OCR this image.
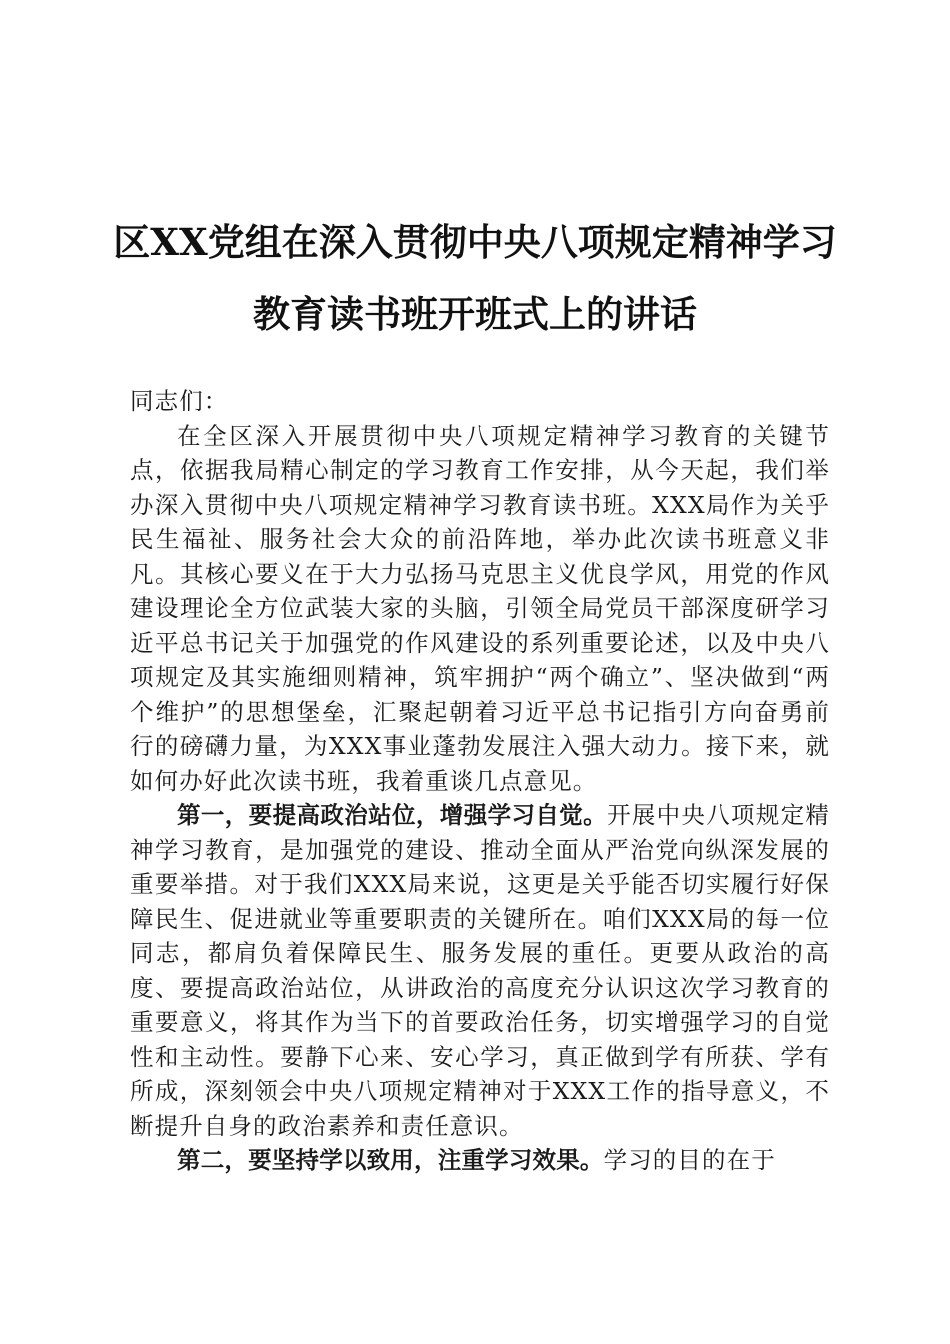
区XX党组在深入贯彻中央八项规定精神学习
教育读书班开班式上的讲话

同志们：

在全区深入开展贯彻中央八项规定精神学习教育的关键节点，依据我局精心制定的学习教育工作安排，从今天起，我们举办深入贯彻中央八项规定精神学习教育读书班。XXX局作为关乎民生福祉、服务社会大众的前沿阵地，举办此次读书班意义非凡。其核心要义在于大力弘扬马克思主义优良学风，用党的作风建设理论全方位武装大家的头脑，引领全局党员干部深度研学习近平总书记关于加强党的作风建设的系列重要论述，以及中央八项规定及其实施细则精神，筑牢拥护“两个确立”、坚决做到“两个维护”的思想堡垒，汇聚起朝着习近平总书记指引方向奋勇前行的磅礴力量，为XXX事业蓬勃发展注入强大动力。接下来，就如何办好此次读书班，我着重谈几点意见。

第一，要提高政治站位，增强学习自觉。开展中央八项规定精神学习教育，是加强党的建设、推动全面从严治党向纵深发展的重要举措。对于我们XXX局来说，这更是关乎能否切实履行好保障民生、促进就业等重要职责的关键所在。咱们XXX局的每一位同志，都肩负着保障民生、服务发展的重任。更要从政治的高度、要提高政治站位，从讲政治的高度充分认识这次学习教育的重要意义，将其作为当下的首要政治任务，切实增强学习的自觉性和主动性。要静下心来、安心学习，真正做到学有所获、学有所成，深刻领会中央八项规定精神对于XXX工作的指导意义，不断提升自身的政治素养和责任意识。

第二，要坚持学以致用，注重学习效果。学习的目的在于
